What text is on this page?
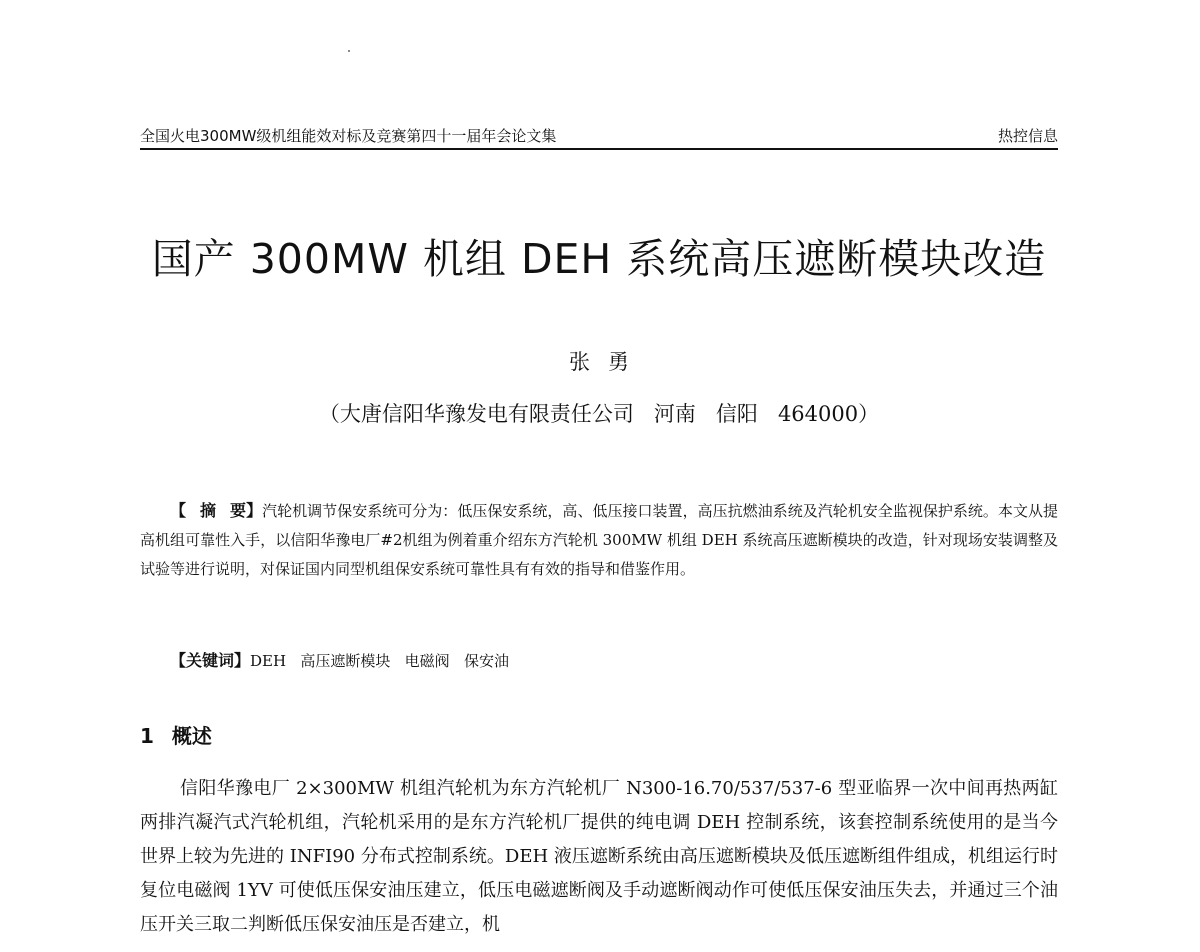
全国火电300MW级机组能效对标及竞赛第四十一届年会论文集	热控信息
国产 300MW 机组 DEH 系统高压遮断模块改造
张勇
（大唐信阳华豫发电有限责任公司   河南   信阳   464000）
【摘要】汽轮机调节保安系统可分为：低压保安系统，高、低压接口装置，高压抗燃油系统及汽轮机安全监视保护系统。本文从提高机组可靠性入手，以信阳华豫电厂#2机组为例着重介绍东方汽轮机 300MW 机组 DEH 系统高压遮断模块的改造，针对现场安装调整及试验等进行说明，对保证国内同型机组保安系统可靠性具有有效的指导和借鉴作用。
【关键词】DEH   高压遮断模块   电磁阀   保安油
1 概述
信阳华豫电厂 2×300MW 机组汽轮机为东方汽轮机厂 N300-16.70/537/537-6 型亚临界一次中间再热两缸两排汽凝汽式汽轮机组，汽轮机采用的是东方汽轮机厂提供的纯电调 DEH 控制系统，该套控制系统使用的是当今世界上较为先进的 INFI90 分布式控制系统。DEH 液压遮断系统由高压遮断模块及低压遮断组件组成，机组运行时复位电磁阀 1YV 可使低压保安油压建立，低压电磁遮断阀及手动遮断阀动作可使低压保安油压失去，并通过三个油压开关三取二判断低压保安油压是否建立，机
